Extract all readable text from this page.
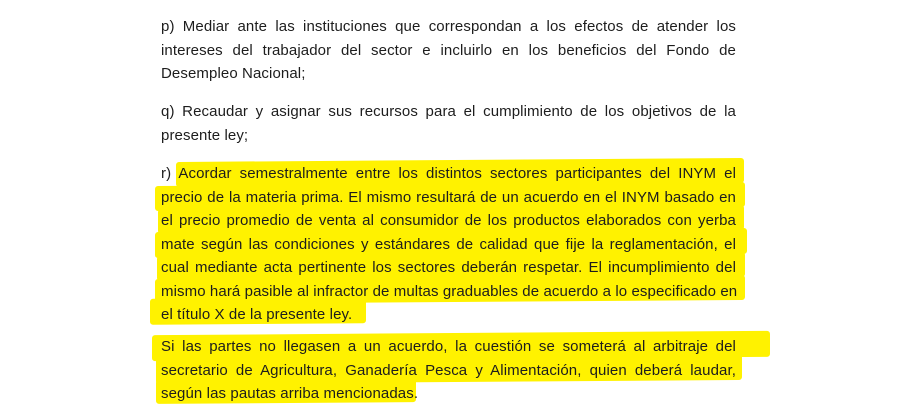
p) Mediar ante las instituciones que correspondan a los efectos de atender los
intereses del trabajador del sector e incluirlo en los beneficios del Fondo de
Desempleo Nacional;

q) Recaudar y asignar sus recursos para el cumplimiento de los objetivos de la
presente ley;

r) Acordar semestralmente entre los distintos sectores participantes del INYM el
precio de la materia prima. El mismo resultará de un acuerdo en el INYM basado en
el precio promedio de venta al consumidor de los productos elaborados con yerba
mate según las condiciones y estándares de calidad que fije la reglamentación, el
cual mediante acta pertinente los sectores deberán respetar. El incumplimiento del
mismo hará pasible al infractor de multas graduables de acuerdo a lo especificado en
el título X de la presente ley.

Si las partes no llegasen a un acuerdo, la cuestión se someterá al arbitraje del
secretario de Agricultura, Ganadería Pesca y Alimentación, quien deberá laudar,
según las pautas arriba mencionadas.
